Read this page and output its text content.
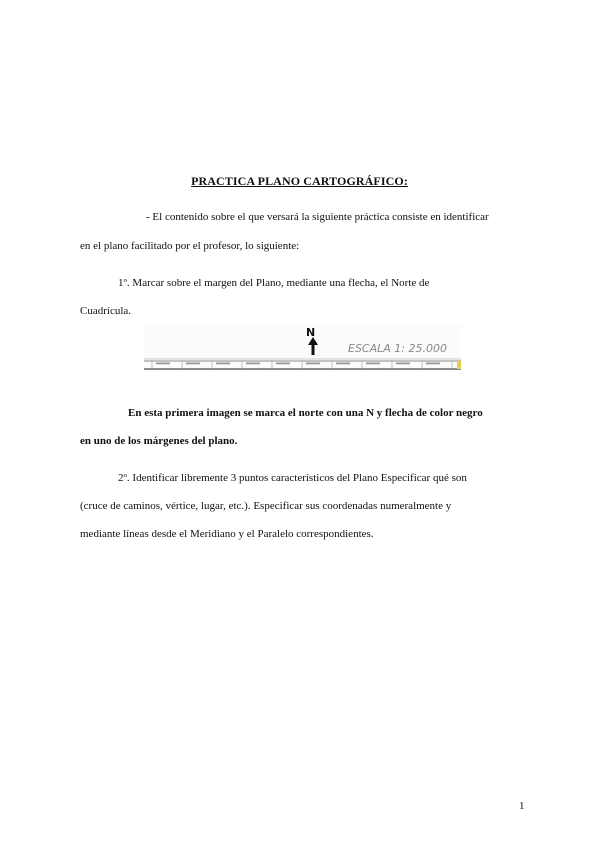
PRACTICA PLANO CARTOGRÁFICO:
- El contenido sobre el que versará la siguiente práctica consiste en identificar
en el plano facilitado por el profesor, lo siguiente:
1º. Marcar sobre el margen del Plano, mediante una flecha, el Norte de
Cuadrícula.
N
ESCALA 1: 25.000
En esta primera imagen se marca el norte con una N y flecha de color negro
en uno de los márgenes del plano.
2º. Identificar libremente 3 puntos característicos del Plano Especificar qué son
(cruce de caminos, vértice, lugar, etc.). Especificar sus coordenadas numeralmente y
mediante líneas desde el Meridiano y el Paralelo correspondientes.
1
